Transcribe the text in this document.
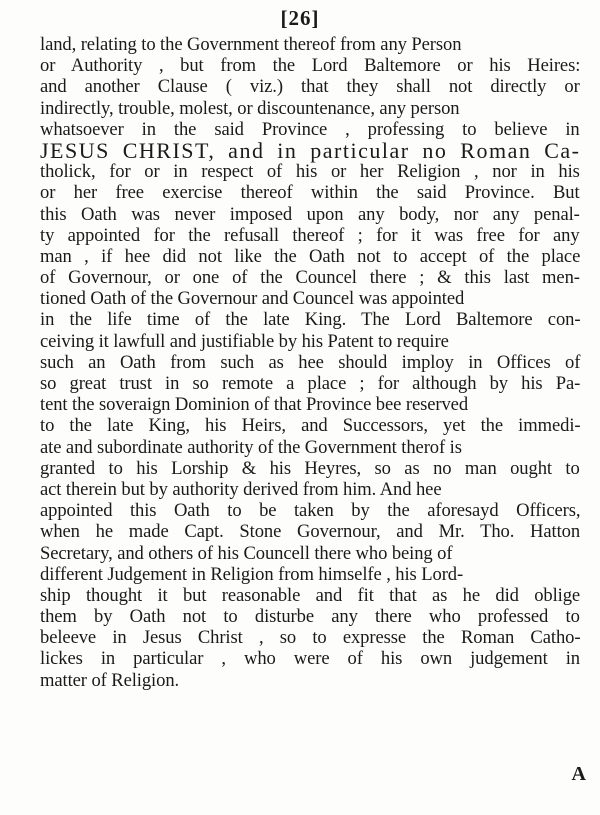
[26]
land, relating to the Government thereof from any Person
or Authority , but from the Lord Baltemore or his Heires:
and another Clause ( viz.) that they shall not directly or
indirectly, trouble, molest, or discountenance, any person
whatsoever in the said Province , professing to believe in
JESUS CHRIST, and in particular no Roman Ca-
tholick, for or in respect of his or her Religion , nor in his
or her free exercise thereof within the said Province. But
this Oath was never imposed upon any body, nor any penal-
ty appointed for the refusall thereof ; for it was free for any
man , if hee did not like the Oath not to accept of the place
of Governour, or one of the Councel there ; & this last men-
tioned Oath of the Governour and Councel was appointed
in the life time of the late King. The Lord Baltemore con-
ceiving it lawfull and justifiable by his Patent to require
such an Oath from such as hee should imploy in Offices of
so great trust in so remote a place ; for although by his Pa-
tent the soveraign Dominion of that Province bee reserved
to the late King, his Heirs, and Successors, yet the immedi-
ate and subordinate authority of the Government therof is
granted to his Lorship & his Heyres, so as no man ought to
act therein but by authority derived from him. And hee
appointed this Oath to be taken by the aforesayd Officers,
when he made Capt. Stone Governour, and Mr. Tho. Hatton
Secretary, and others of his Councell there who being of
different Judgement in Religion from himselfe , his Lord-
ship thought it but reasonable and fit that as he did oblige
them by Oath not to disturbe any there who professed to
beleeve in Jesus Christ , so to expresse the Roman Catho-
lickes in particular , who were of his own judgement in
matter of Religion.
A
